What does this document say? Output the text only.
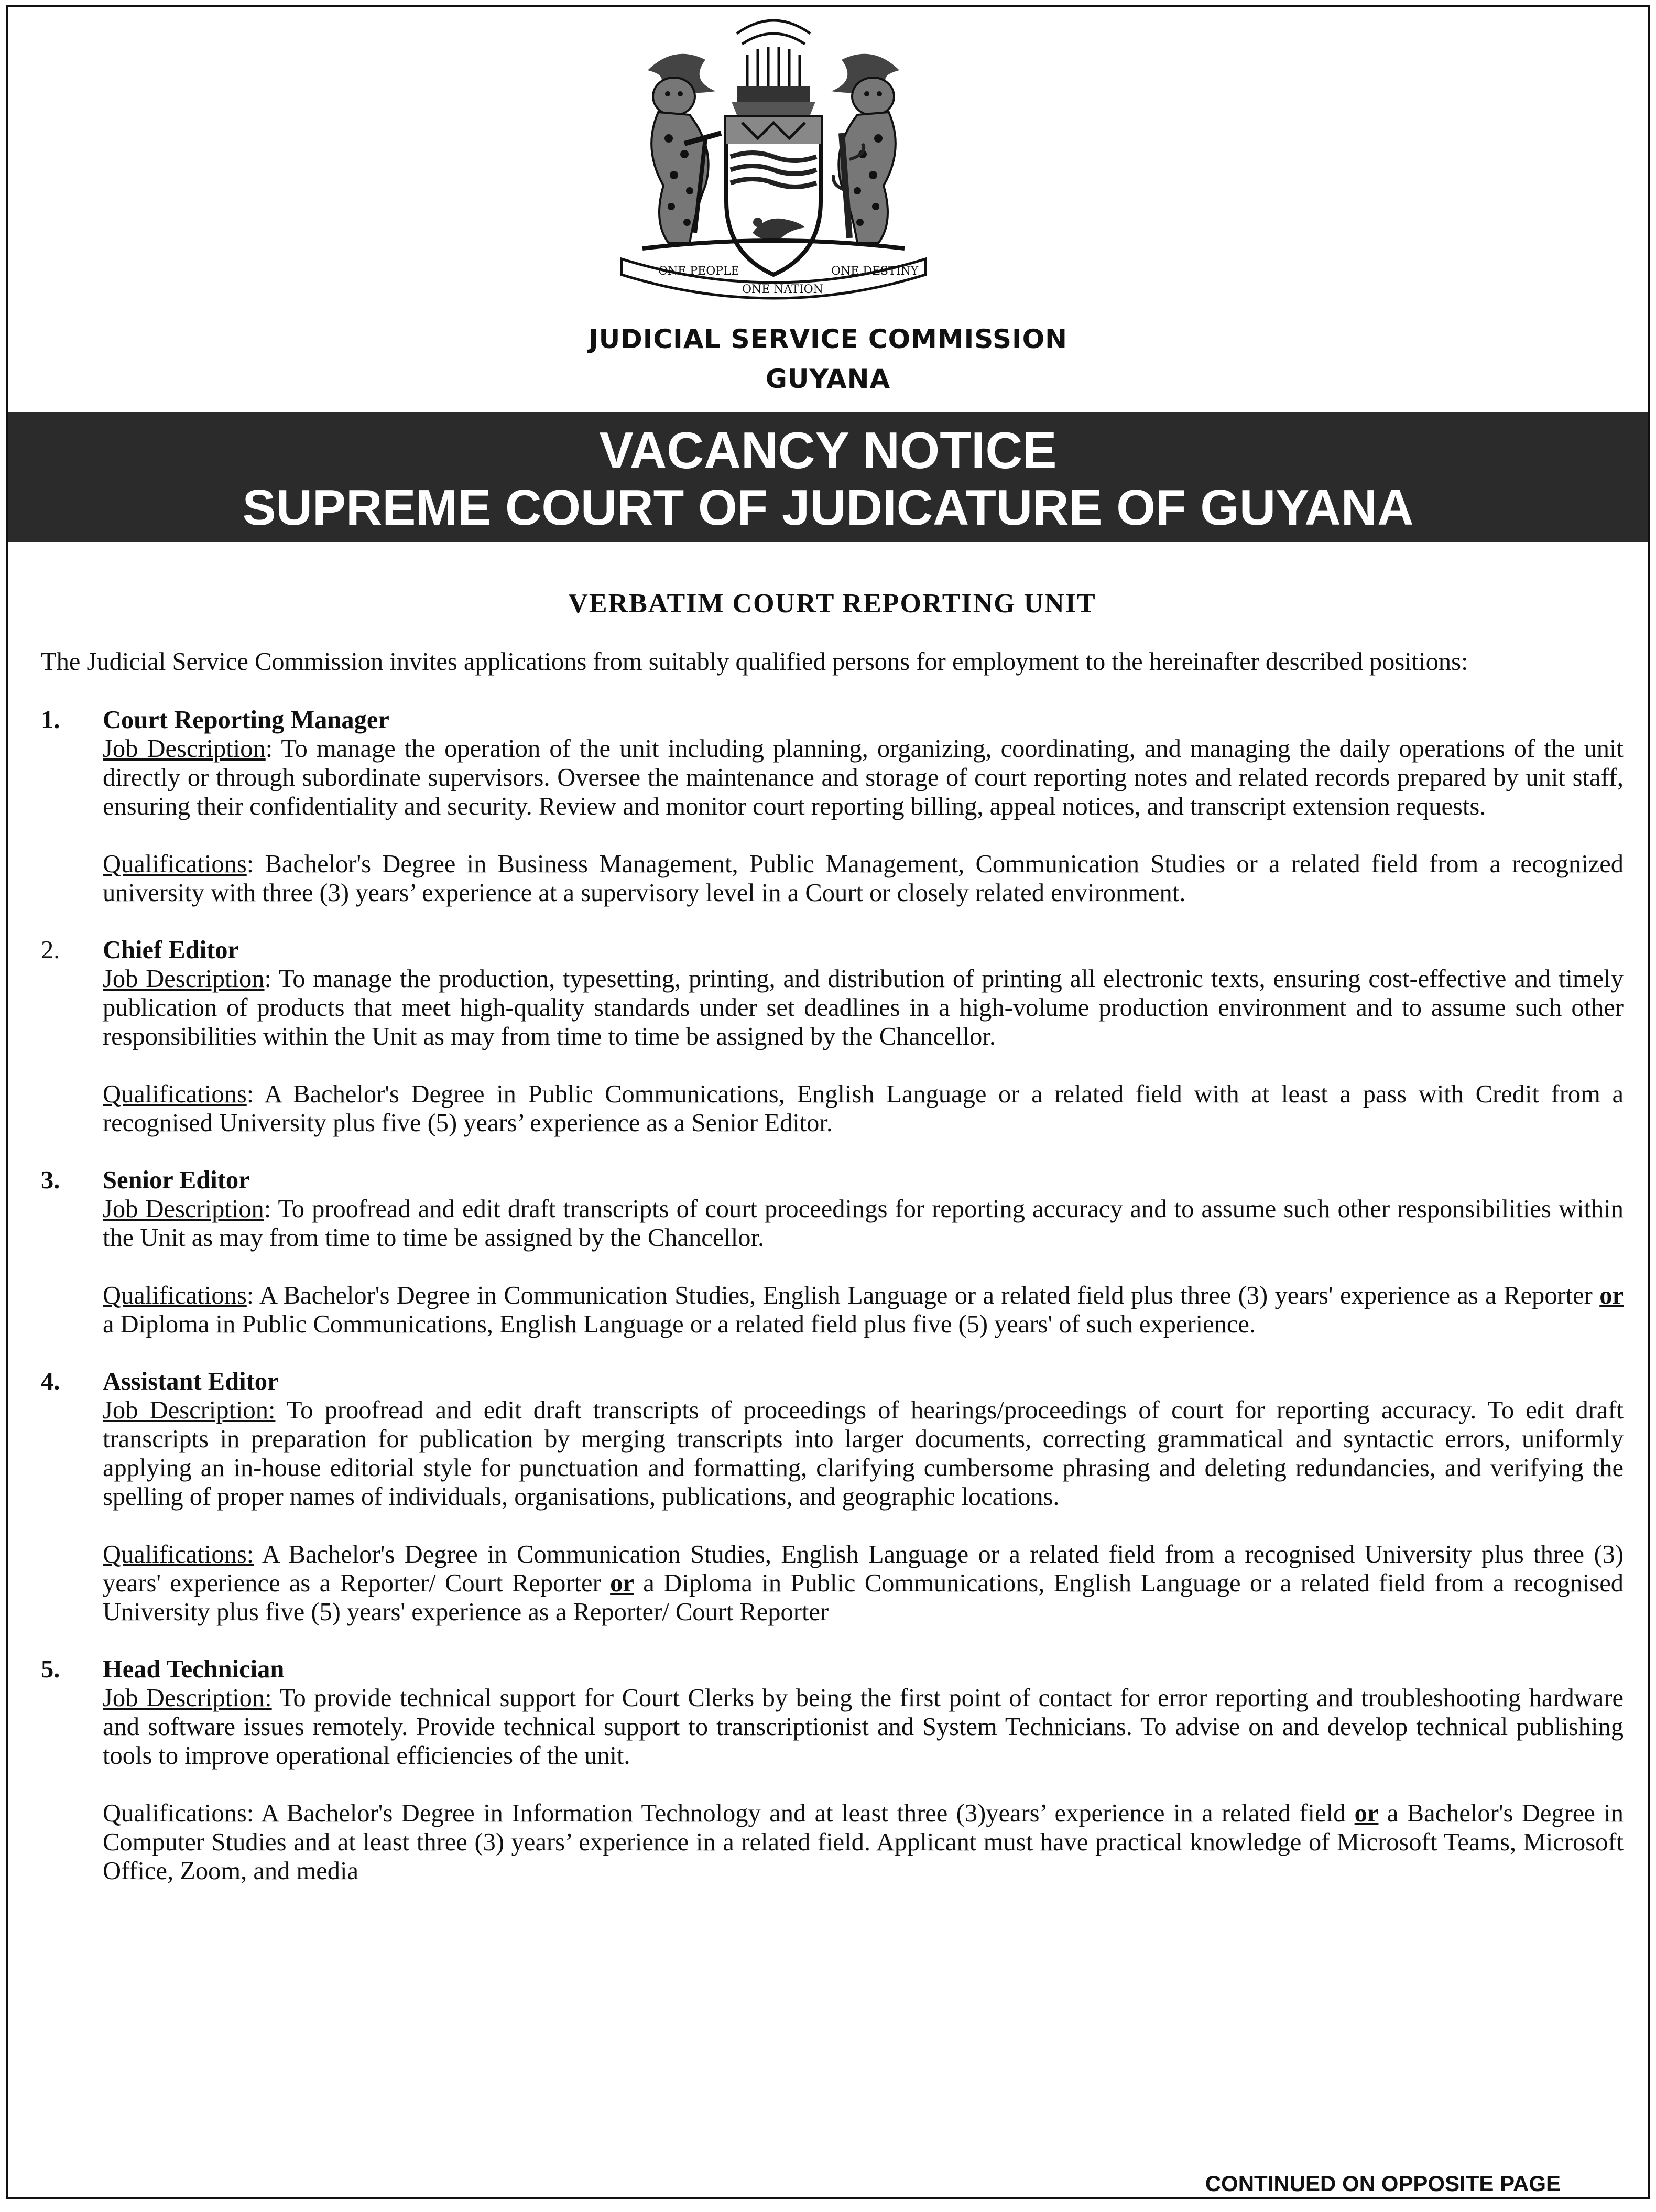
ONE PEOPLE
ONE NATION
ONE DESTINY
JUDICIAL SERVICE COMMISSION
GUYANA
VACANCY NOTICE
SUPREME COURT OF JUDICATURE OF GUYANA
VERBATIM COURT REPORTING UNIT
The Judicial Service Commission invites applications from suitably qualified persons for employment to the hereinafter described positions:
1. Court Reporting Manager
Job Description: To manage the operation of the unit including planning, organizing, coordinating, and managing the daily operations of the unit directly or through subordinate supervisors. Oversee the maintenance and storage of court reporting notes and related records prepared by unit staff, ensuring their confidentiality and security. Review and monitor court reporting billing, appeal notices, and transcript extension requests.
Qualifications: Bachelor's Degree in Business Management, Public Management, Communication Studies or a related field from a recognized university with three (3) years’ experience at a supervisory level in a Court or closely related environment.
2. Chief Editor
Job Description: To manage the production, typesetting, printing, and distribution of printing all electronic texts, ensuring cost-effective and timely publication of products that meet high-quality standards under set deadlines in a high-volume production environment and to assume such other responsibilities within the Unit as may from time to time be assigned by the Chancellor.
Qualifications: A Bachelor's Degree in Public Communications, English Language or a related field with at least a pass with Credit from a recognised University plus five (5) years’ experience as a Senior Editor.
3. Senior Editor
Job Description: To proofread and edit draft transcripts of court proceedings for reporting accuracy and to assume such other responsibilities within the Unit as may from time to time be assigned by the Chancellor.
Qualifications: A Bachelor's Degree in Communication Studies, English Language or a related field plus three (3) years' experience as a Reporter or a Diploma in Public Communications, English Language or a related field plus five (5) years' of such experience.
4. Assistant Editor
Job Description: To proofread and edit draft transcripts of proceedings of hearings/proceedings of court for reporting accuracy. To edit draft transcripts in preparation for publication by merging transcripts into larger documents, correcting grammatical and syntactic errors, uniformly applying an in-house editorial style for punctuation and formatting, clarifying cumbersome phrasing and deleting redundancies, and verifying the spelling of proper names of individuals, organisations, publications, and geographic locations.
Qualifications: A Bachelor's Degree in Communication Studies, English Language or a related field from a recognised University plus three (3) years' experience as a Reporter/ Court Reporter or a Diploma in Public Communications, English Language or a related field from a recognised University plus five (5) years' experience as a Reporter/ Court Reporter
5. Head Technician
Job Description: To provide technical support for Court Clerks by being the first point of contact for error reporting and troubleshooting hardware and software issues remotely. Provide technical support to transcriptionist and System Technicians. To advise on and develop technical publishing tools to improve operational efficiencies of the unit.
Qualifications: A Bachelor's Degree in Information Technology and at least three (3)years’ experience in a related field or a Bachelor's Degree in Computer Studies and at least three (3) years’ experience in a related field. Applicant must have practical knowledge of Microsoft Teams, Microsoft Office, Zoom, and media
CONTINUED ON OPPOSITE PAGE
